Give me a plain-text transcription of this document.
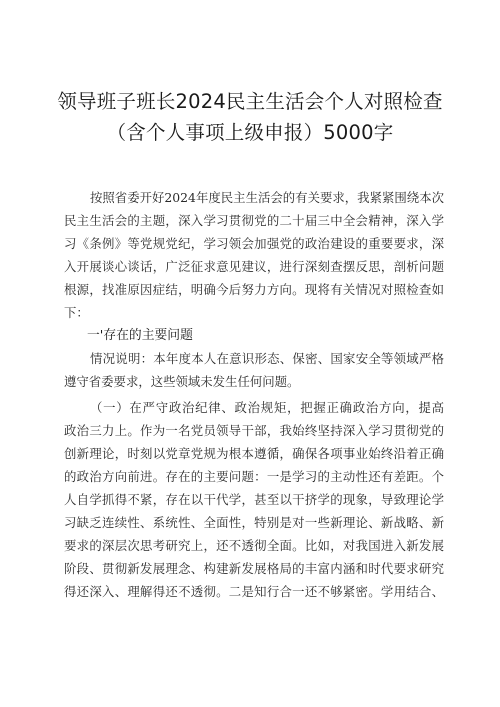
领导班子班长2024民主生活会个人对照检查
（含个人事项上级申报）5000字
按照省委开好2024年度民主生活会的有关要求，我紧紧围绕本次
民主生活会的主题，深入学习贯彻党的二十届三中全会精神，深入学
习《条例》等党规党纪，学习领会加强党的政治建设的重要要求，深
入开展谈心谈话，广泛征求意见建议，进行深刻查摆反思，剖析问题
根源，找准原因症结，明确今后努力方向。现将有关情况对照检查如
下：
一'存在的主要问题
情况说明：本年度本人在意识形态、保密、国家安全等领域严格
遵守省委要求，这些领域未发生任何问题。
（一）在严守政治纪律、政治规矩，把握正确政治方向，提高
政治三力上。作为一名党员领导干部，我始终坚持深入学习贯彻党的
创新理论，时刻以党章党规为根本遵循，确保各项事业始终沿着正确
的政治方向前进。存在的主要问题：一是学习的主动性还有差距。个
人自学抓得不紧，存在以干代学，甚至以干挤学的现象，导致理论学
习缺乏连续性、系统性、全面性，特别是对一些新理论、新战略、新
要求的深层次思考研究上，还不透彻全面。比如，对我国进入新发展
阶段、贯彻新发展理念、构建新发展格局的丰富内涵和时代要求研究
得还深入、理解得还不透彻。二是知行合一还不够紧密。学用结合、
